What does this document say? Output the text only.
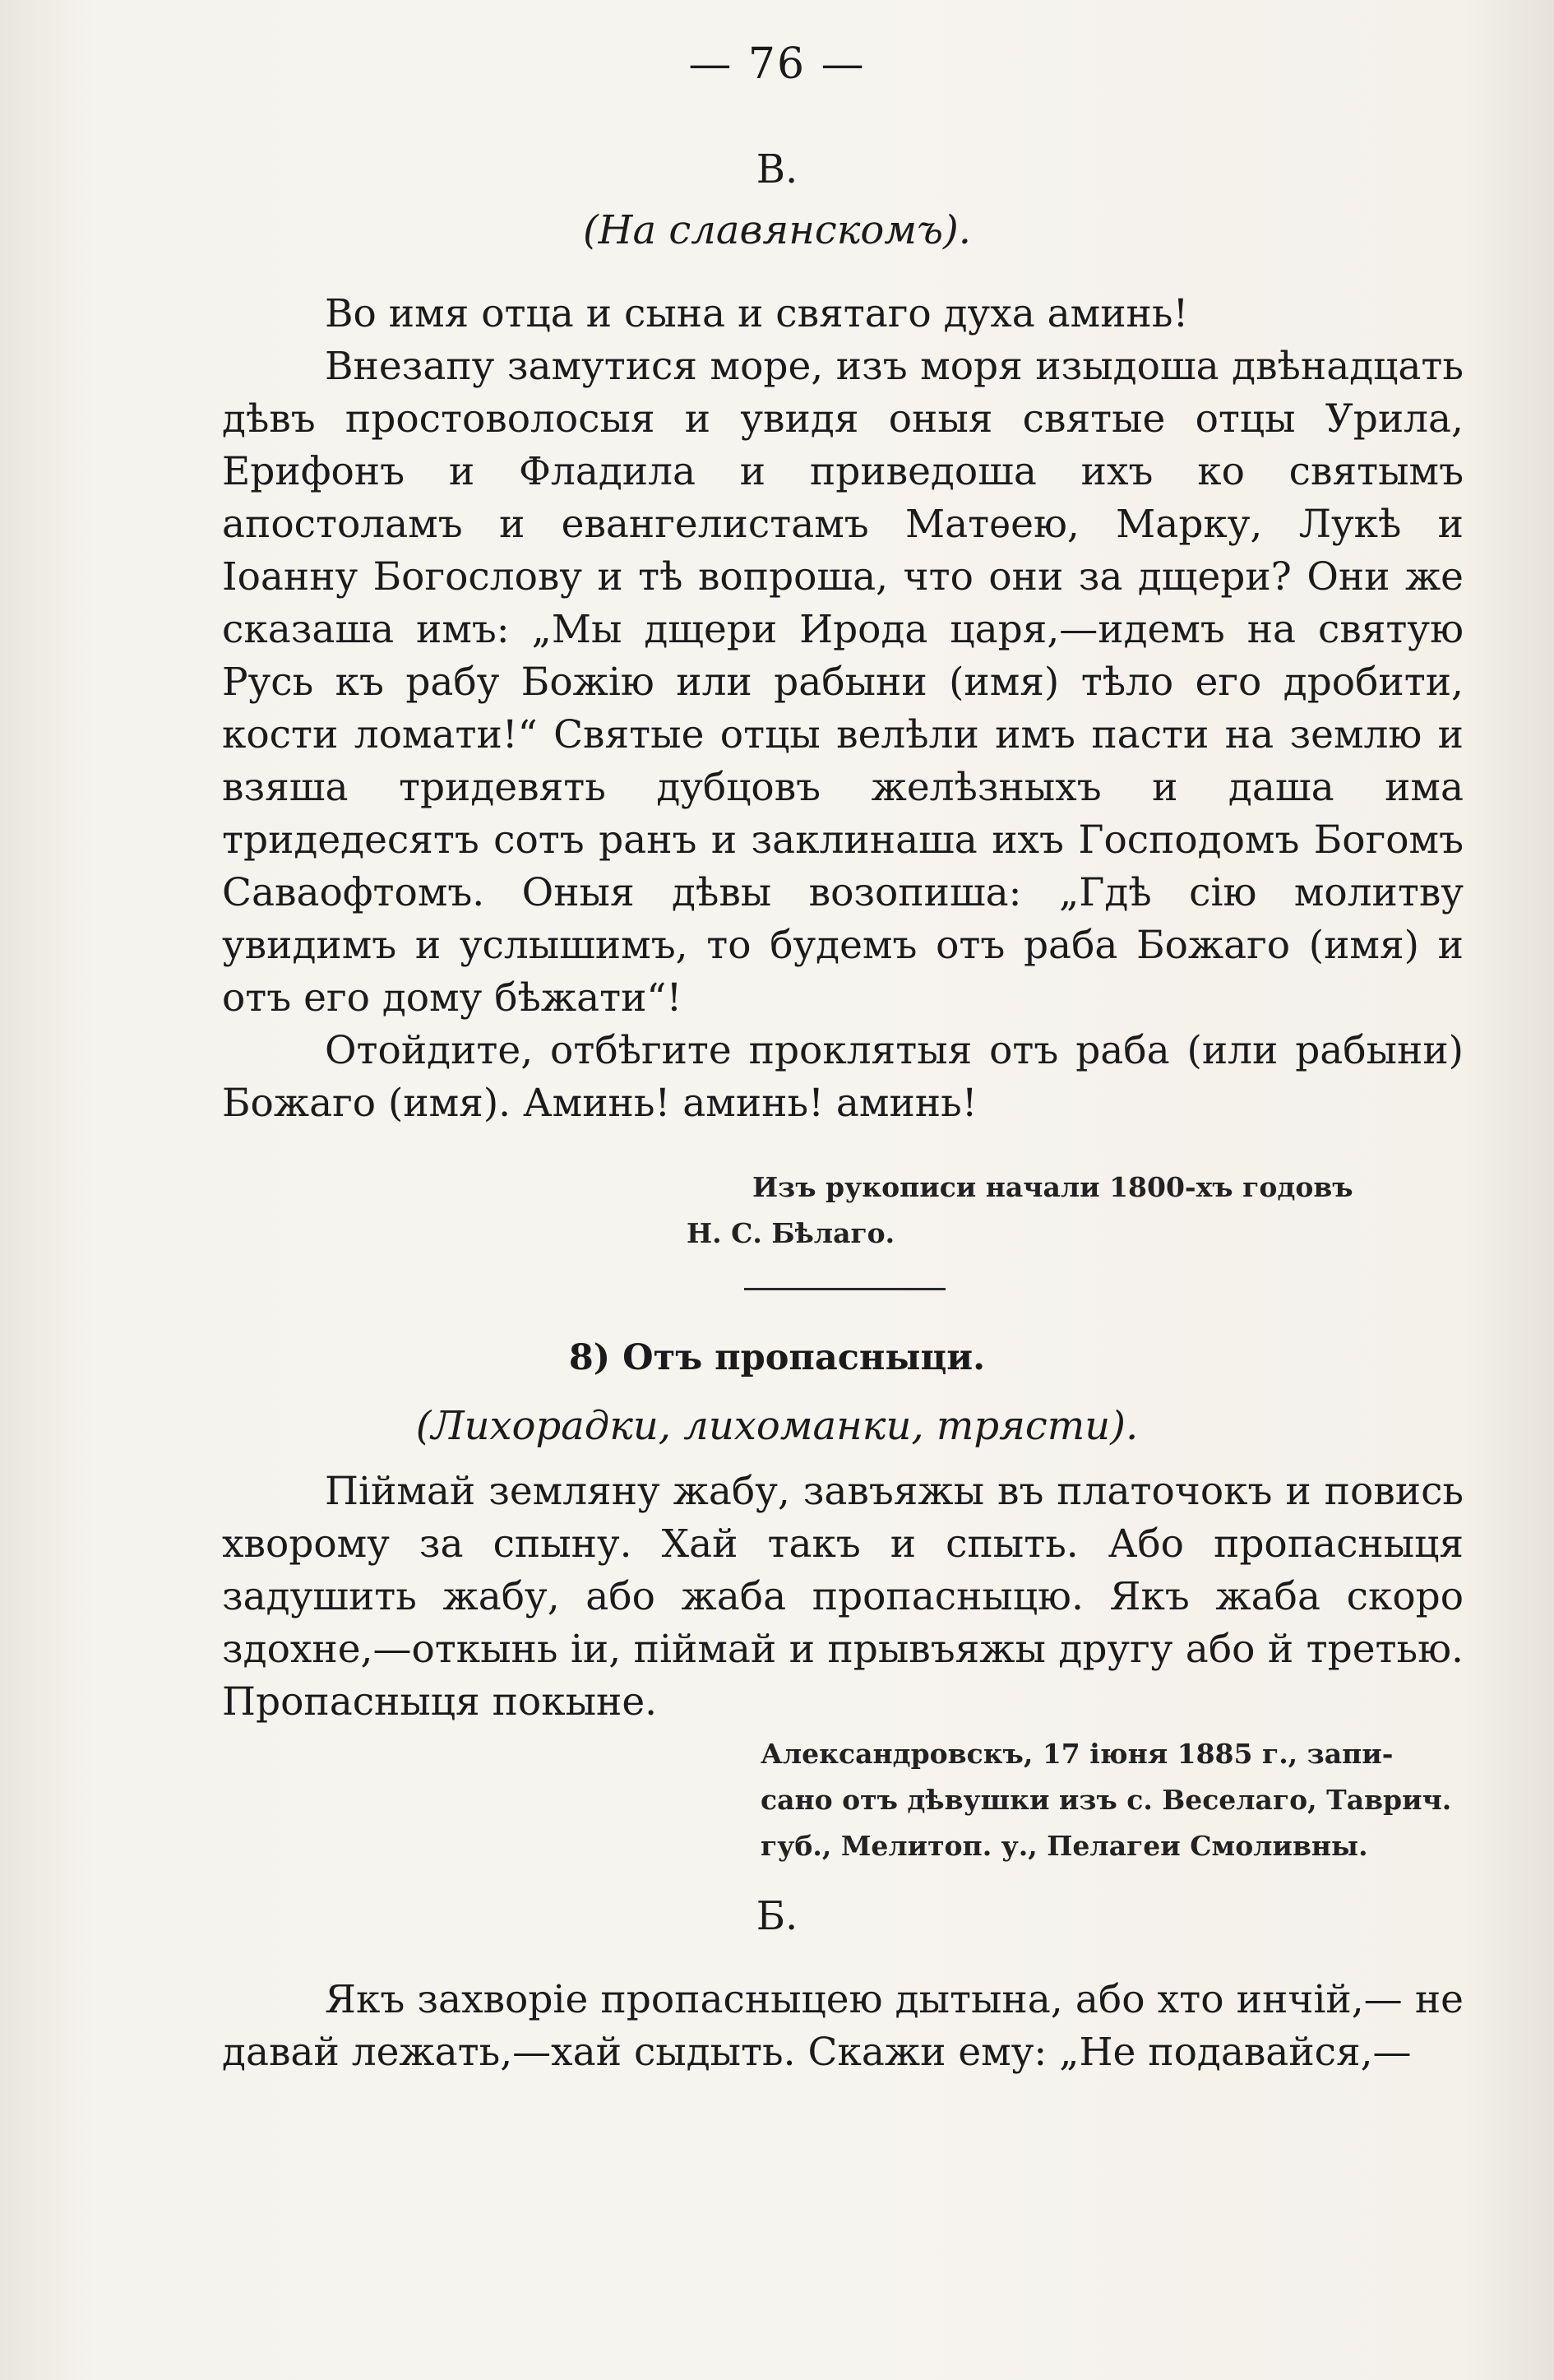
— 76 —
В.
(На славянскомъ).

Во имя отца и сына и святаго духа аминь!

Внезапу замутися море, изъ моря изыдоша двѣнадцать дѣвъ простоволосыя и увидя оныя святые отцы Урила, Ерифонъ и Фладила и приведоша ихъ ко святымъ апостоламъ и евангелистамъ Матѳею, Марку, Лукѣ и Іоанну Богослову и тѣ вопроша, что они за дщери? Они же сказаша имъ: „Мы дщери Ирода царя,—идемъ на святую Русь къ рабу Божію или рабыни (имя) тѣло его дробити, кости ломати!“ Святые отцы велѣли имъ пасти на землю и взяша тридевять дубцовъ желѣзныхъ и даша има тридедесятъ сотъ ранъ и заклинаша ихъ Господомъ Богомъ Саваофтомъ. Оныя дѣвы возопиша: „Гдѣ сію молитву увидимъ и услышимъ, то будемъ отъ раба Божаго (имя) и отъ его дому бѣжати“!

Отойдите, отбѣгите проклятыя отъ раба (или рабыни) Божаго (имя). Аминь! аминь! аминь!

Изъ рукописи начали 1800-хъ годовъ
Н. С. Бѣлаго.
8) Отъ пропасныци.
(Лихорадки, лихоманки, трясти).

Піймай земляну жабу, завъяжы въ платочокъ и повись хворому за спыну. Хай такъ и спыть. Або пропасныця задушить жабу, або жаба пропасныцю. Якъ жаба скоро здохне,—откынь іи, піймай и прывъяжы другу або й третью. Пропасныця покыне.

Александровскъ, 17 іюня 1885 г., запи-
сано отъ дѣвушки изъ с. Веселаго, Таврич.
губ., Мелитоп. у., Пелагеи Смоливны.
Б.

Якъ захворіе пропасныцею дытына, або хто инчій,— не давай лежать,—хай сыдыть. Скажи ему: „Не подавайся,—
